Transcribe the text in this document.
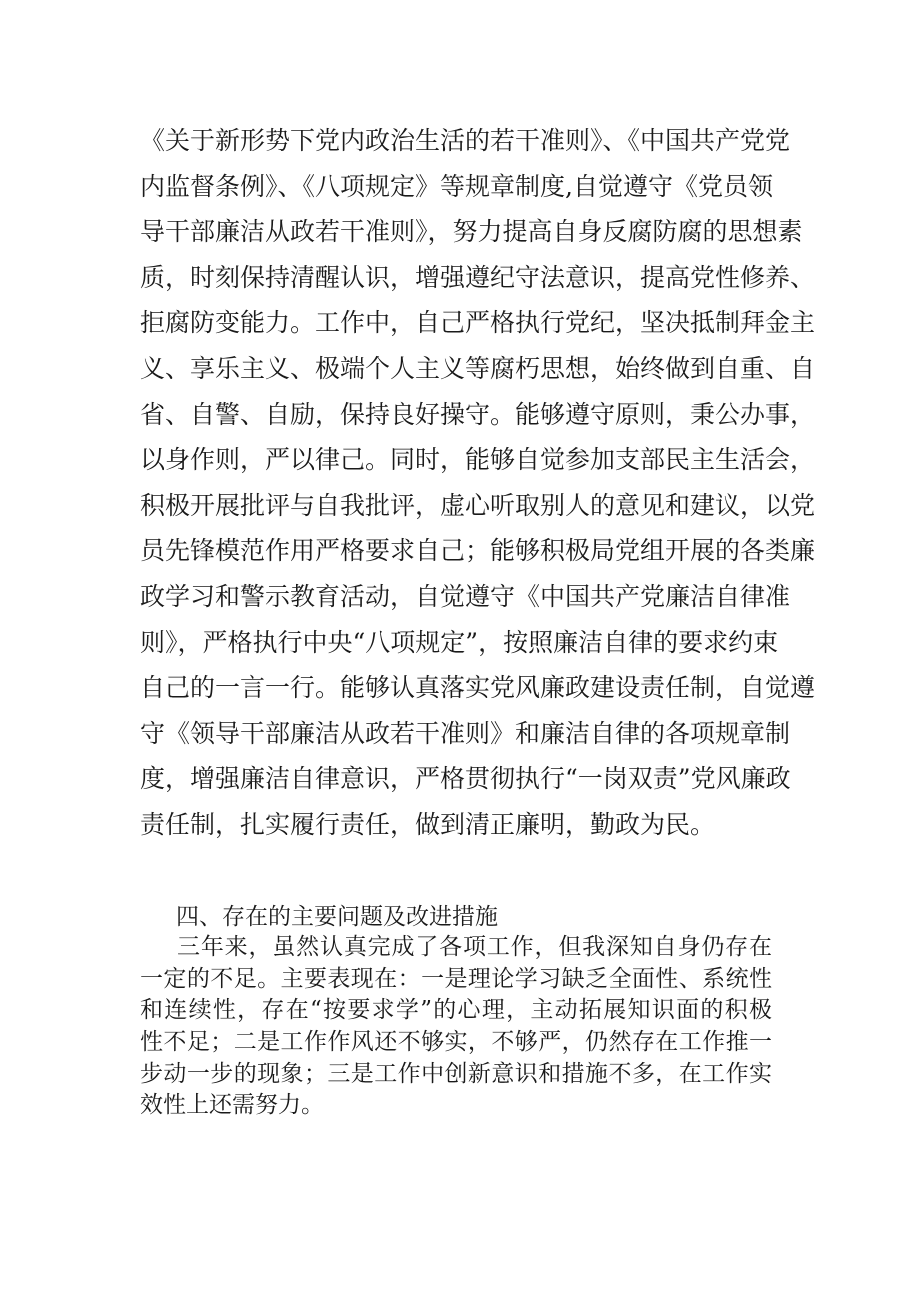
《关于新形势下党内政治生活的若干准则》、《中国共产党党
内监督条例》、《八项规定》等规章制度,自觉遵守《党员领
导干部廉洁从政若干准则》，努力提高自身反腐防腐的思想素
质，时刻保持清醒认识，增强遵纪守法意识，提高党性修养、
拒腐防变能力。工作中，自己严格执行党纪，坚决抵制拜金主
义、享乐主义、极端个人主义等腐朽思想，始终做到自重、自
省、自警、自励，保持良好操守。能够遵守原则，秉公办事，
以身作则，严以律己。同时，能够自觉参加支部民主生活会，
积极开展批评与自我批评，虚心听取别人的意见和建议，以党
员先锋模范作用严格要求自己；能够积极局党组开展的各类廉
政学习和警示教育活动，自觉遵守《中国共产党廉洁自律准
则》，严格执行中央“八项规定”，按照廉洁自律的要求约束
自己的一言一行。能够认真落实党风廉政建设责任制，自觉遵
守《领导干部廉洁从政若干准则》和廉洁自律的各项规章制
度，增强廉洁自律意识，严格贯彻执行“一岗双责”党风廉政
责任制，扎实履行责任，做到清正廉明，勤政为民。
四、存在的主要问题及改进措施
三年来，虽然认真完成了各项工作，但我深知自身仍存在
一定的不足。主要表现在：一是理论学习缺乏全面性、系统性
和连续性，存在“按要求学”的心理，主动拓展知识面的积极
性不足；二是工作作风还不够实，不够严，仍然存在工作推一
步动一步的现象；三是工作中创新意识和措施不多，在工作实
效性上还需努力。
